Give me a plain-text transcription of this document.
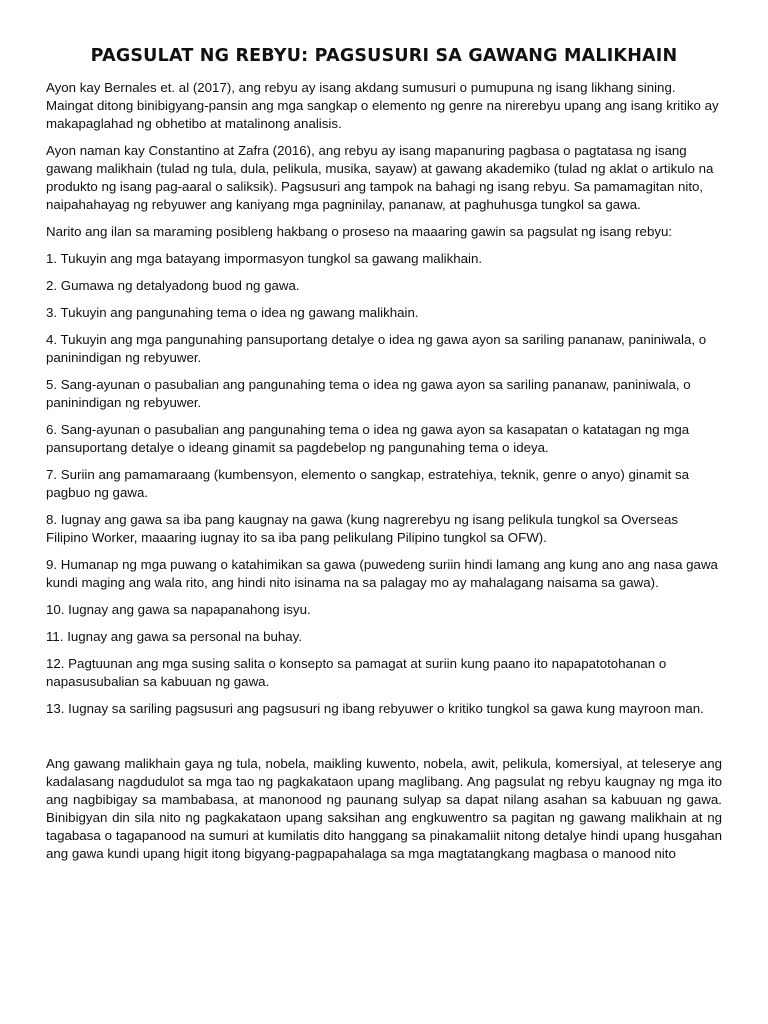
PAGSULAT NG REBYU: PAGSUSURI SA GAWANG MALIKHAIN

Ayon kay Bernales et. al (2017), ang rebyu ay isang akdang sumusuri o pumupuna ng isang likhang sining. Maingat ditong binibigyang-pansin ang mga sangkap o elemento ng genre na nirerebyu upang ang isang kritiko ay makapaglahad ng obhetibo at matalinong analisis.

Ayon naman kay Constantino at Zafra (2016), ang rebyu ay isang mapanuring pagbasa o pagtatasa ng isang gawang malikhain (tulad ng tula, dula, pelikula, musika, sayaw) at gawang akademiko (tulad ng aklat o artikulo na produkto ng isang pag-aaral o saliksik). Pagsusuri ang tampok na bahagi ng isang rebyu. Sa pamamagitan nito, naipahahayag ng rebyuwer ang kaniyang mga pagninilay, pananaw, at paghuhusga tungkol sa gawa.

Narito ang ilan sa maraming posibleng hakbang o proseso na maaaring gawin sa pagsulat ng isang rebyu:

1. Tukuyin ang mga batayang impormasyon tungkol sa gawang malikhain.

2. Gumawa ng detalyadong buod ng gawa.

3. Tukuyin ang pangunahing tema o idea ng gawang malikhain.

4. Tukuyin ang mga pangunahing pansuportang detalye o idea ng gawa ayon sa sariling pananaw, paniniwala, o paninindigan ng rebyuwer.

5. Sang-ayunan o pasubalian ang pangunahing tema o idea ng gawa ayon sa sariling pananaw, paniniwala, o paninindigan ng rebyuwer.

6. Sang-ayunan o pasubalian ang pangunahing tema o idea ng gawa ayon sa kasapatan o katatagan ng mga pansuportang detalye o ideang ginamit sa pagdebelop ng pangunahing tema o ideya.

7. Suriin ang pamamaraang (kumbensyon, elemento o sangkap, estratehiya, teknik, genre o anyo) ginamit sa pagbuo ng gawa.

8. Iugnay ang gawa sa iba pang kaugnay na gawa (kung nagrerebyu ng isang pelikula tungkol sa Overseas Filipino Worker, maaaring iugnay ito sa iba pang pelikulang Pilipino tungkol sa OFW).

9. Humanap ng mga puwang o katahimikan sa gawa (puwedeng suriin hindi lamang ang kung ano ang nasa gawa kundi maging ang wala rito, ang hindi nito isinama na sa palagay mo ay mahalagang naisama sa gawa).

10. Iugnay ang gawa sa napapanahong isyu.

11. Iugnay ang gawa sa personal na buhay.

12. Pagtuunan ang mga susing salita o konsepto sa pamagat at suriin kung paano ito napapatotohanan o napasusubalian sa kabuuan ng gawa.

13. Iugnay sa sariling pagsusuri ang pagsusuri ng ibang rebyuwer o kritiko tungkol sa gawa kung mayroon man.

Ang gawang malikhain gaya ng tula, nobela, maikling kuwento, nobela, awit, pelikula, komersiyal, at teleserye ang kadalasang nagdudulot sa mga tao ng pagkakataon upang maglibang. Ang pagsulat ng rebyu kaugnay ng mga ito ang nagbibigay sa mambabasa, at manonood ng paunang sulyap sa dapat nilang asahan sa kabuuan ng gawa. Binibigyan din sila nito ng pagkakataon upang saksihan ang engkuwentro sa pagitan ng gawang malikhain at ng tagabasa o tagapanood na sumuri at kumilatis dito hanggang sa pinakamaliit nitong detalye hindi upang husgahan ang gawa kundi upang higit itong bigyang-pagpapahalaga sa mga magtatangkang magbasa o manood nito
